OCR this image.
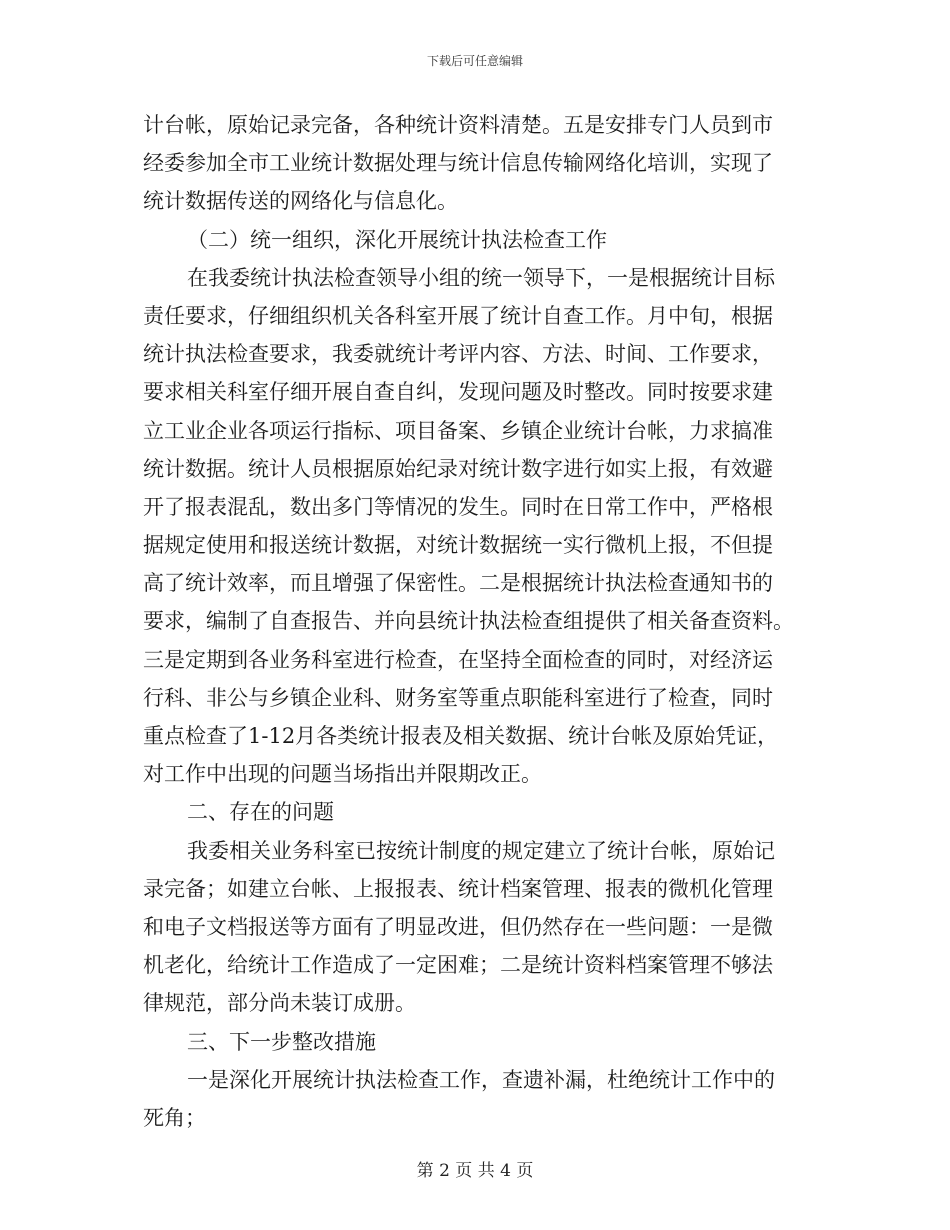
下载后可任意编辑
计台帐，原始记录完备，各种统计资料清楚。五是安排专门人员到市
经委参加全市工业统计数据处理与统计信息传输网络化培训，实现了
统计数据传送的网络化与信息化。
（二）统一组织，深化开展统计执法检查工作
在我委统计执法检查领导小组的统一领导下，一是根据统计目标
责任要求，仔细组织机关各科室开展了统计自查工作。月中旬，根据
统计执法检查要求，我委就统计考评内容、方法、时间、工作要求，
要求相关科室仔细开展自查自纠，发现问题及时整改。同时按要求建
立工业企业各项运行指标、项目备案、乡镇企业统计台帐，力求搞准
统计数据。统计人员根据原始纪录对统计数字进行如实上报，有效避
开了报表混乱，数出多门等情况的发生。同时在日常工作中，严格根
据规定使用和报送统计数据，对统计数据统一实行微机上报，不但提
高了统计效率，而且增强了保密性。二是根据统计执法检查通知书的
要求，编制了自查报告、并向县统计执法检查组提供了相关备查资料。
三是定期到各业务科室进行检查，在坚持全面检查的同时，对经济运
行科、非公与乡镇企业科、财务室等重点职能科室进行了检查，同时
重点检查了1-12月各类统计报表及相关数据、统计台帐及原始凭证，
对工作中出现的问题当场指出并限期改正。
二、存在的问题
我委相关业务科室已按统计制度的规定建立了统计台帐，原始记
录完备；如建立台帐、上报报表、统计档案管理、报表的微机化管理
和电子文档报送等方面有了明显改进，但仍然存在一些问题：一是微
机老化，给统计工作造成了一定困难；二是统计资料档案管理不够法
律规范，部分尚未装订成册。
三、下一步整改措施
一是深化开展统计执法检查工作，查遗补漏，杜绝统计工作中的
死角；
第 2 页 共 4 页
